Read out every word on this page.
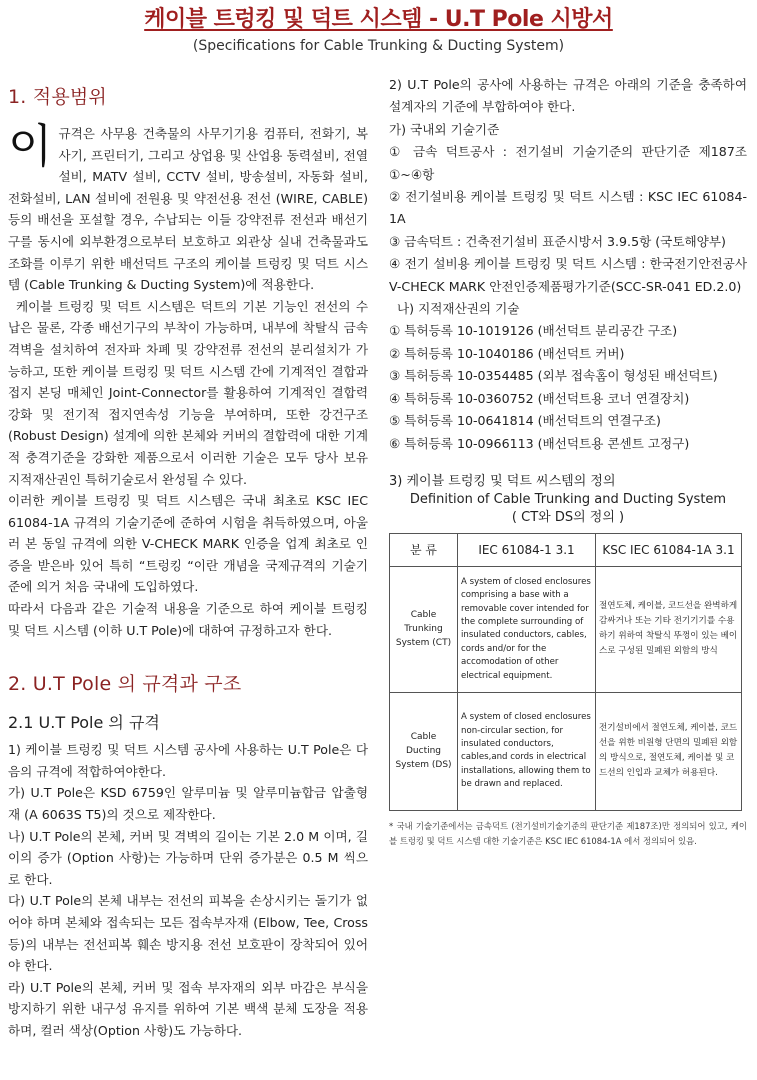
케이블 트렁킹 및 덕트 시스템 - U.T Pole 시방서
(Specifications for Cable Trunking & Ducting System)
1. 적용범위
이 규격은 사무용 건축물의 사무기기용 컴퓨터, 전화기, 복사기, 프린터기, 그리고 상업용 및 산업용 동력설비, 전열설비, MATV 설비, CCTV 설비, 방송설비, 자동화 설비, 전화설비, LAN 설비에 전원용 및 약전선용 전선 (WIRE, CABLE) 등의 배선을 포설할 경우, 수납되는 이들 강약전류 전선과 배선기구를 동시에 외부환경으로부터 보호하고 외관상 실내 건축물과도 조화를 이루기 위한 배선덕트 구조의 케이블 트렁킹 및 덕트 시스템 (Cable Trunking & Ducting System)에 적용한다.

케이블 트렁킹 및 덕트 시스템은 덕트의 기본 기능인 전선의 수납은 물론, 각종 배선기구의 부착이 가능하며, 내부에 착탈식 금속격벽을 설치하여 전자파 차폐 및 강약전류 전선의 분리설치가 가능하고, 또한 케이블 트렁킹 및 덕트 시스템 간에 기계적인 결합과 접지 본딩 매체인 Joint-Connector를 활용하여 기계적인 결합력 강화 및 전기적 접지연속성 기능을 부여하며, 또한 강건구조 (Robust Design) 설계에 의한 본체와 커버의 결합력에 대한 기계적 충격기준을 강화한 제품으로서 이러한 기술은 모두 당사 보유 지적재산권인 특허기술로서 완성될 수 있다.

이러한 케이블 트렁킹 및 덕트 시스템은 국내 최초로 KSC IEC 61084-1A 규격의 기술기준에 준하여 시험을 취득하였으며, 아울러 본 동일 규격에 의한 V-CHECK MARK 인증을 업계 최초로 인증을 받은바 있어 특히 “트렁킹 “이란 개념을 국제규격의 기술기준에 의거 처음 국내에 도입하였다.

따라서 다음과 같은 기술적 내용을 기준으로 하여 케이블 트렁킹 및 덕트 시스템 (이하 U.T Pole)에 대하여 규정하고자 한다.

2. U.T Pole 의 규격과 구조
2.1 U.T Pole 의 규격

1) 케이블 트렁킹 및 덕트 시스템 공사에 사용하는 U.T Pole은 다음의 규격에 적합하여야한다.

가) U.T Pole은 KSD 6759인 알루미늄 및 알루미늄합금 압출형재 (A 6063S T5)의 것으로 제작한다.

나) U.T Pole의 본체, 커버 및 격벽의 길이는 기본 2.0 M 이며, 길이의 증가 (Option 사항)는 가능하며 단위 증가분은 0.5 M 씩으로 한다.

다) U.T Pole의 본체 내부는 전선의 피복을 손상시키는 돌기가 없어야 하며 본체와 접속되는 모든 접속부자재 (Elbow, Tee, Cross 등)의 내부는 전선피복 훼손 방지용 전선 보호판이 장착되어 있어야 한다.

라) U.T Pole의 본체, 커버 및 접속 부자재의 외부 마감은 부식을 방지하기 위한 내구성 유지를 위하여 기본 백색 분체 도장을 적용하며, 컬러 색상(Option 사항)도 가능하다.

2) U.T Pole의 공사에 사용하는 규격은 아래의 기준을 충족하여 설계자의 기준에 부합하여야 한다.

가) 국내외 기술기준

① 금속 덕트공사 : 전기설비 기술기준의 판단기준 제187조 ①~④항

② 전기설비용 케이블 트렁킹 및 덕트 시스템 : KSC IEC 61084-1A

③ 금속덕트 : 건축전기설비 표준시방서 3.9.5항 (국토해양부)

④ 전기 설비용 케이블 트렁킹 및 덕트 시스템 : 한국전기안전공사 V-CHECK MARK 안전인증제품평가기준(SCC-SR-041 ED.2.0)

나) 지적재산권의 기술

① 특허등록 10-1019126 (배선덕트 분리공간 구조)

② 특허등록 10-1040186 (배선덕트 커버)

③ 특허등록 10-0354485 (외부 접속홈이 형성된 배선덕트)

④ 특허등록 10-0360752 (배선덕트용 코너 연결장치)

⑤ 특허등록 10-0641814 (배선덕트의 연결구조)

⑥ 특허등록 10-0966113 (배선덕트용 콘센트 고정구)

3) 케이블 트렁킹 및 덕트 씨스템의 정의

Definition of Cable Trunking and Ducting System

( CT와 DS의 정의 )

분 류	IEC 61084-1 3.1	KSC IEC 61084-1A 3.1
Cable Trunking System (CT)	A system of closed enclosures comprising a base with a removable cover intended for the complete surrounding of insulated conductors, cables, cords and/or for the accomodation of other electrical equipment.	절연도체, 케이블, 코드선을 완벽하게 감싸거나 또는 기타 전기기기를 수용하기 위하여 착탈식 뚜껑이 있는 베이스로 구성된 밀폐된 외함의 방식
Cable Ducting System (DS)	A system of closed enclosures non-circular section, for insulated conductors, cables,and cords in electrical installations, allowing them to be drawn and replaced.	전기설비에서 절연도체, 케이블, 코드선을 위한 비원형 단면의 밀폐된 외함의 방식으로, 절연도체, 케이블 및 코드선의 인입과 교체가 허용된다.

* 국내 기술기준에서는 금속덕트 (전기설비기술기준의 판단기준 제187조)만 정의되어 있고, 케이블 트렁킹 및 덕트 시스템 대한 기술기준은 KSC IEC 61084-1A 에서 정의되어 있음.
